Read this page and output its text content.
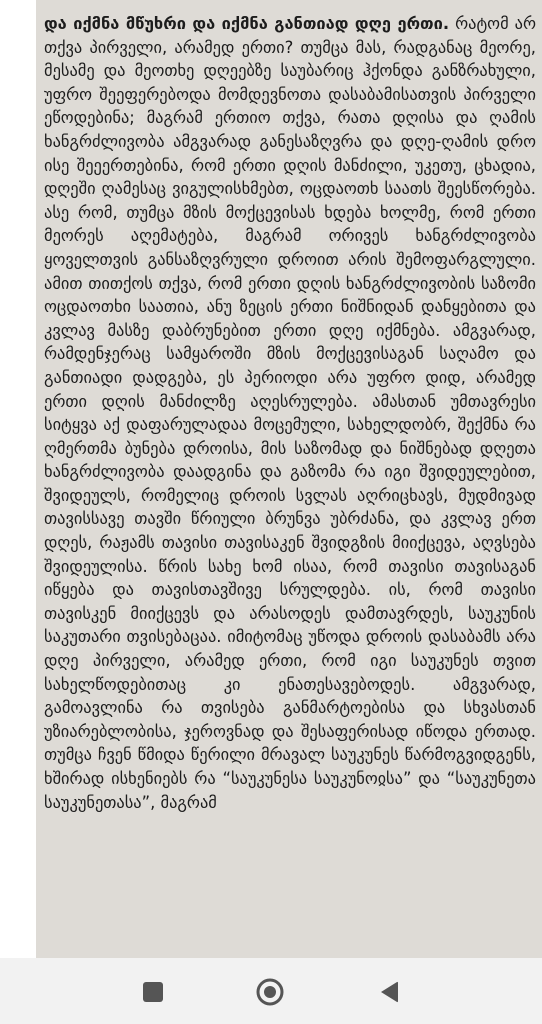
და იქმნა მწუხრი და იქმნა განთიად დღე ერთი. რატომ არ თქვა პირველი, არამედ ერთი? თუმცა მას, რადგანაც მეორე, მესამე და მეოთხე დღეებზე საუბარიც ჰქონდა განზრახული, უფრო შეეფერებოდა მომდევნოთა დასაბამისათვის პირველი ეწოდებინა; მაგრამ ერთიო თქვა, რათა დღისა და ღამის ხანგრძლივობა ამგვარად განესაზღვრა და დღე-ღამის დრო ისე შეეერთებინა, რომ ერთი დღის მანძილი, უკეთუ, ცხადია, დღეში ღამესაც ვიგულისხმებთ, ოცდაოთხ საათს შეესწორება. ასე რომ, თუმცა მზის მოქცევისას ხდება ხოლმე, რომ ერთი მეორეს აღემატება, მაგრამ ორივეს ხანგრძლივობა ყოველთვის განსაზღვრული დროით არის შემოფარგლული. ამით თითქოს თქვა, რომ ერთი დღის ხანგრძლივობის საზომი ოცდაოთხი საათია, ანუ ზეცის ერთი ნიშნიდან დანყებითა და კვლავ მასზე დაბრუნებით ერთი დღე იქმნება. ამგვარად, რამდენჯერაც სამყაროში მზის მოქცევისაგან საღამო და განთიადი დადგება, ეს პერიოდი არა უფრო დიდ, არამედ ერთი დღის მანძილზე აღესრულება. ამასთან უმთავრესი სიტყვა აქ დაფარულადაა მოცემული, სახელდობრ, შექმნა რა ღმერთმა ბუნება დროისა, მის საზომად და ნიშნებად დღეთა ხანგრძლივობა დაადგინა და გაზომა რა იგი შვიდეულებით, შვიდეულს, რომელიც დროის სვლას აღრიცხავს, მუდმივად თავისსავე თავში წრიული ბრუნვა უბრძანა, და კვლავ ერთ დღეს, რაჟამს თავისი თავისაკენ შვიდგზის მიიქცევა, აღვსება შვიდეულისა. წრის სახე ხომ ისაა, რომ თავისი თავისაგან იწყება და თავისთავშივე სრულდება. ის, რომ თავისი თავისკენ მიიქცევს და არასოდეს დამთავრდეს, საუკუნის საკუთარი თვისებაცაა. იმიტომაც უწოდა დროის დასაბამს არა დღე პირველი, არამედ ერთი, რომ იგი საუკუნეს თვით სახელწოდებითაც კი ენათესავებოდეს. ამგვარად, გამოავლინა რა თვისება განმარტოებისა და სხვასთან უზიარებლობისა, ჯეროვნად და შესაფერისად იწოდა ერთად. თუმცა ჩვენ წმიდა წერილი მრავალ საუკუნეს წარმოგვიდგენს, ხშირად ისხენიებს რა “საუკუნესა საუკუნოჲსა” და “საუკუნეთა საუკუნეთასა”, მაგრამ
